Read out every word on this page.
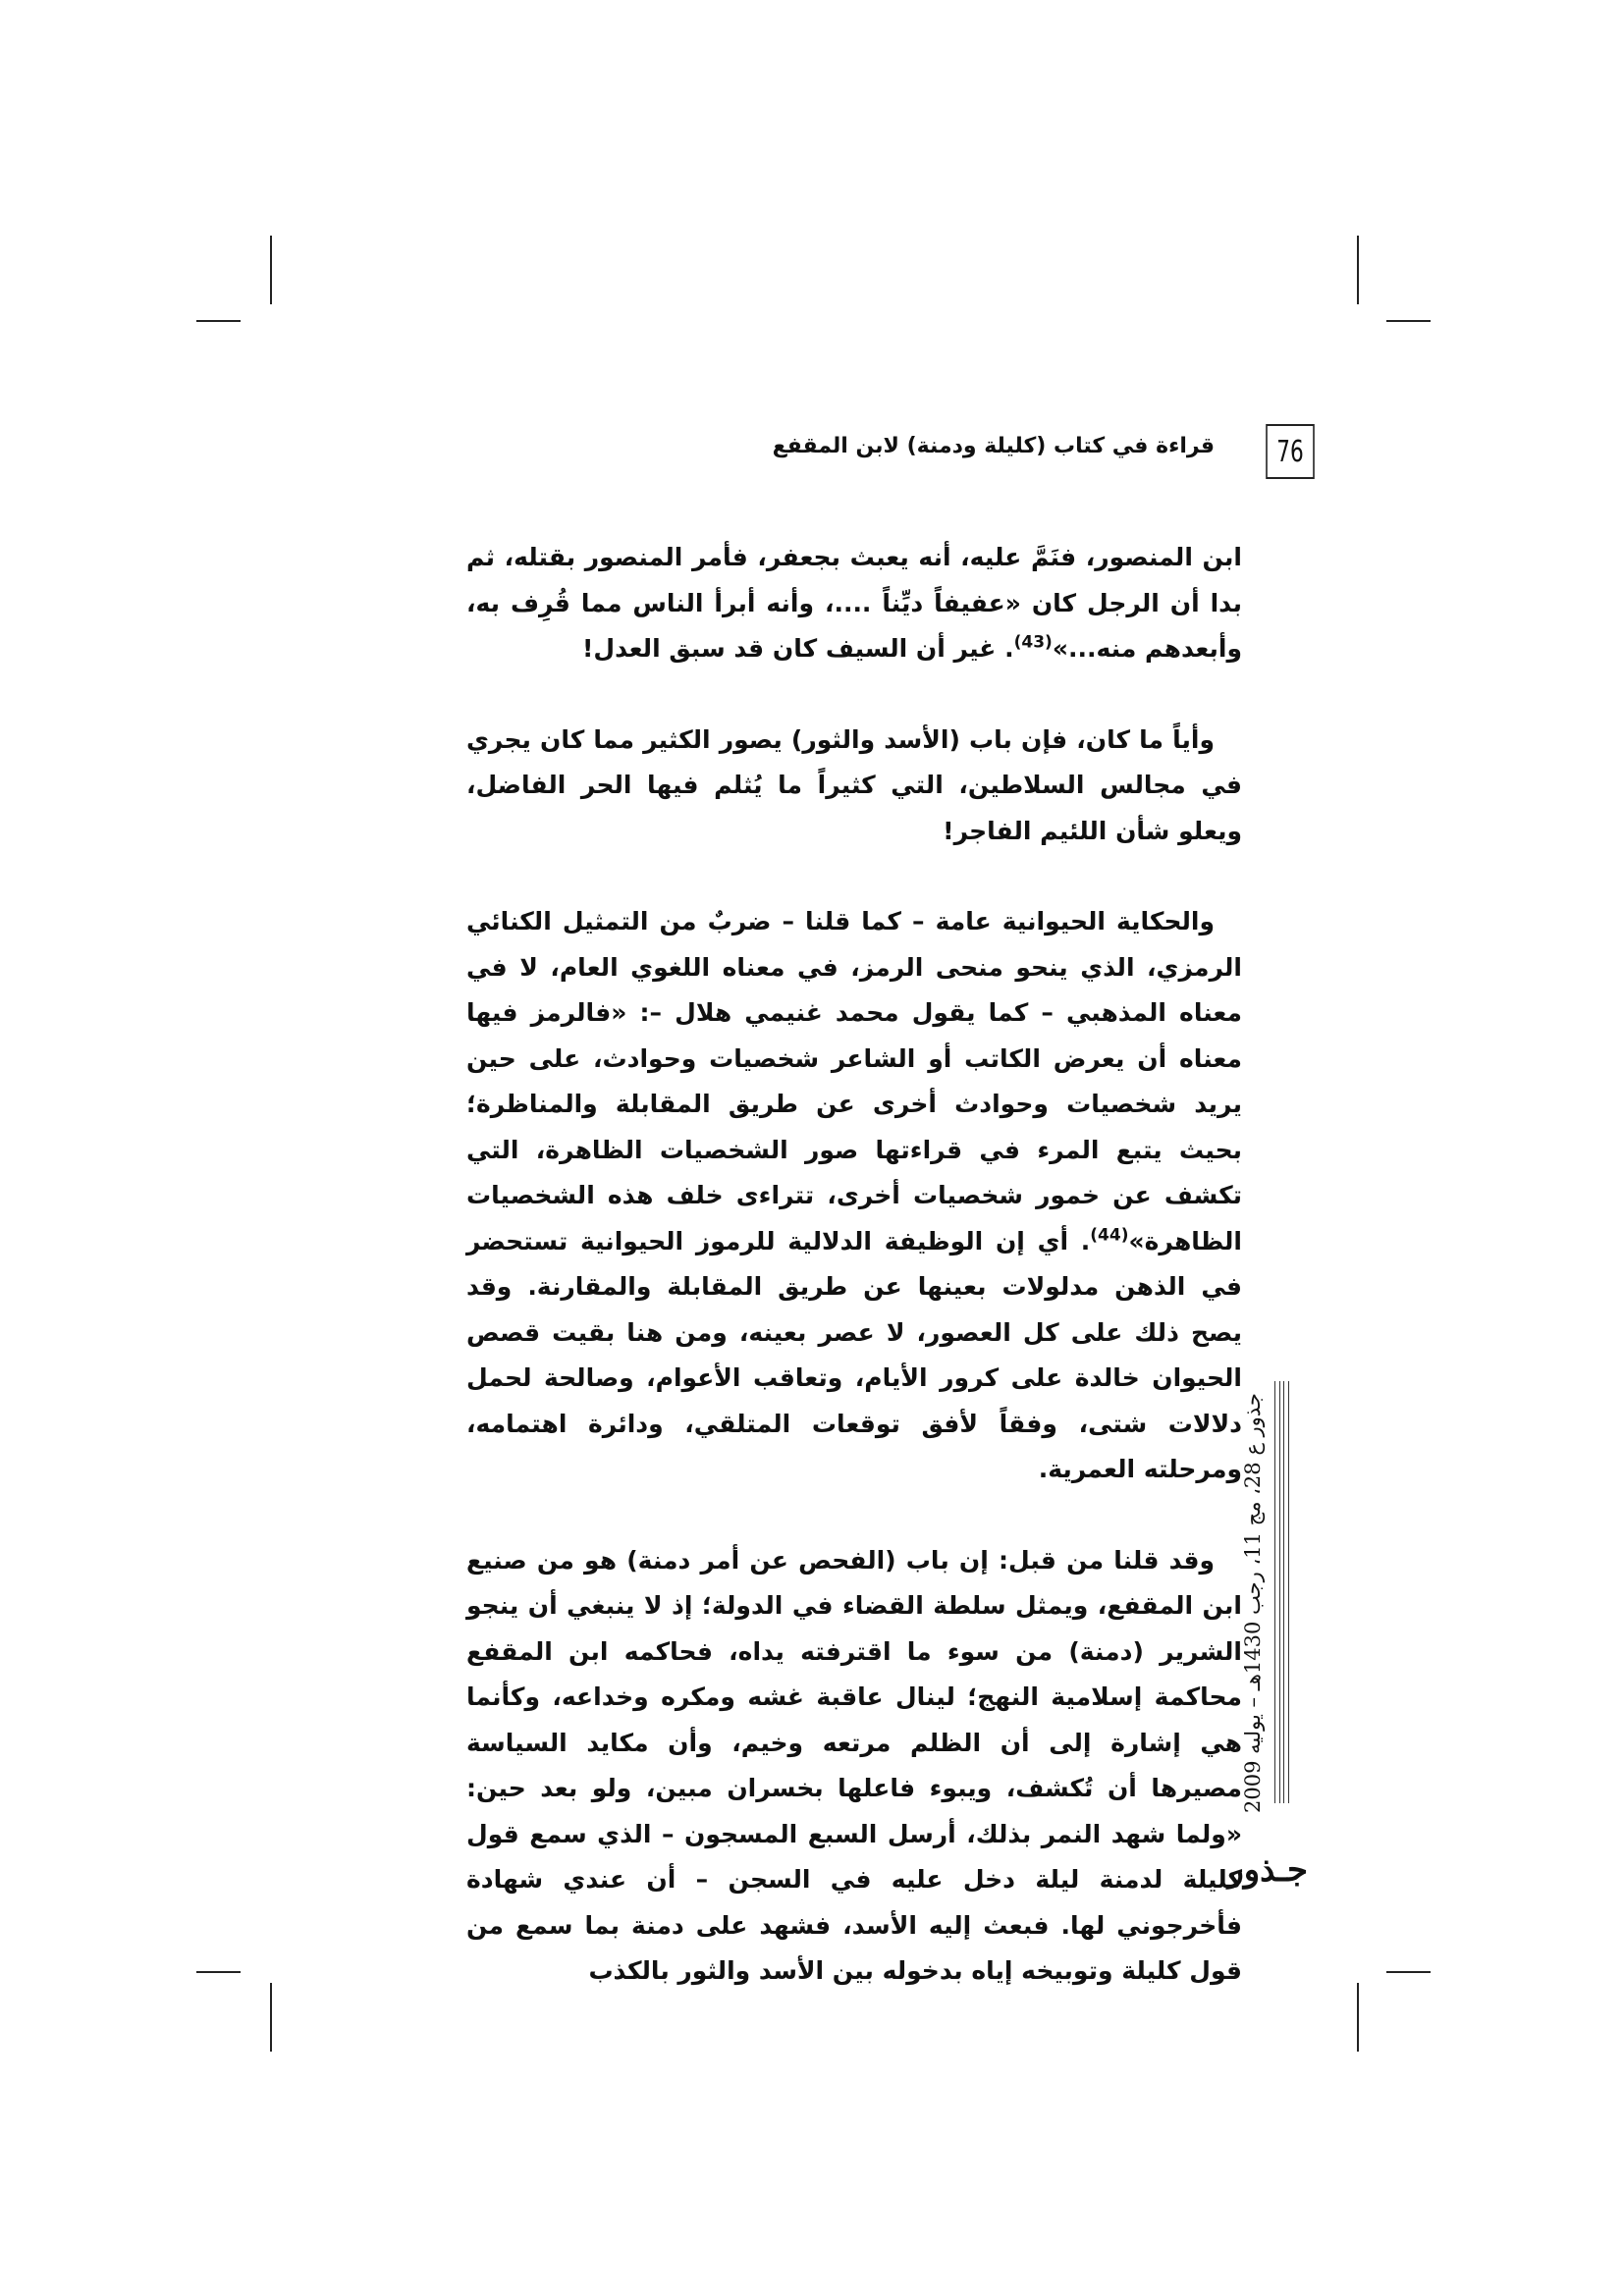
76
قراءة في كتاب (كليلة ودمنة) لابن المقفع

ابن المنصور، فنَمَّ عليه، أنه يعبث بجعفر، فأمر المنصور بقتله، ثم بدا أن الرجل كان «عفيفاً ديِّناً ....، وأنه أبرأ الناس مما قُرِف به، وأبعدهم منه...»$^{(43)}$. غير أن السيف كان قد سبق العدل!

وأياً ما كان، فإن باب (الأسد والثور) يصور الكثير مما كان يجري في مجالس السلاطين، التي كثيراً ما يُثلم فيها الحر الفاضل، ويعلو شأن اللئيم الفاجر!

والحكاية الحيوانية عامة – كما قلنا – ضربٌ من التمثيل الكنائي الرمزي، الذي ينحو منحى الرمز، في معناه اللغوي العام، لا في معناه المذهبي – كما يقول محمد غنيمي هلال –: «فالرمز فيها معناه أن يعرض الكاتب أو الشاعر شخصيات وحوادث، على حين يريد شخصيات وحوادث أخرى عن طريق المقابلة والمناظرة؛ بحيث يتبع المرء في قراءتها صور الشخصيات الظاهرة، التي تكشف عن خمور شخصيات أخرى، تتراءى خلف هذه الشخصيات الظاهرة»$^{(44)}$. أي إن الوظيفة الدلالية للرموز الحيوانية تستحضر في الذهن مدلولات بعينها عن طريق المقابلة والمقارنة. وقد يصح ذلك على كل العصور، لا عصر بعينه، ومن هنا بقيت قصص الحيوان خالدة على كرور الأيام، وتعاقب الأعوام، وصالحة لحمل دلالات شتى، وفقاً لأفق توقعات المتلقي، ودائرة اهتمامه، ومرحلته العمرية.

وقد قلنا من قبل: إن باب (الفحص عن أمر دمنة) هو من صنيع ابن المقفع، ويمثل سلطة القضاء في الدولة؛ إذ لا ينبغي أن ينجو الشرير (دمنة) من سوء ما اقترفته يداه، فحاكمه ابن المقفع محاكمة إسلامية النهج؛ لينال عاقبة غشه ومكره وخداعه، وكأنما هي إشارة إلى أن الظلم مرتعه وخيم، وأن مكايد السياسة مصيرها أن تُكشف، ويبوء فاعلها بخسران مبين، ولو بعد حين: «ولما شهد النمر بذلك، أرسل السبع المسجون – الذي سمع قول كليلة لدمنة ليلة دخل عليه في السجن – أن عندي شهادة فأخرجوني لها. فبعث إليه الأسد، فشهد على دمنة بما سمع من قول كليلة وتوبيخه إياه بدخوله بين الأسد والثور بالكذب

جذور ع 28، مج 11، رجب 1430هـ – يوليه 2009
جـذور
